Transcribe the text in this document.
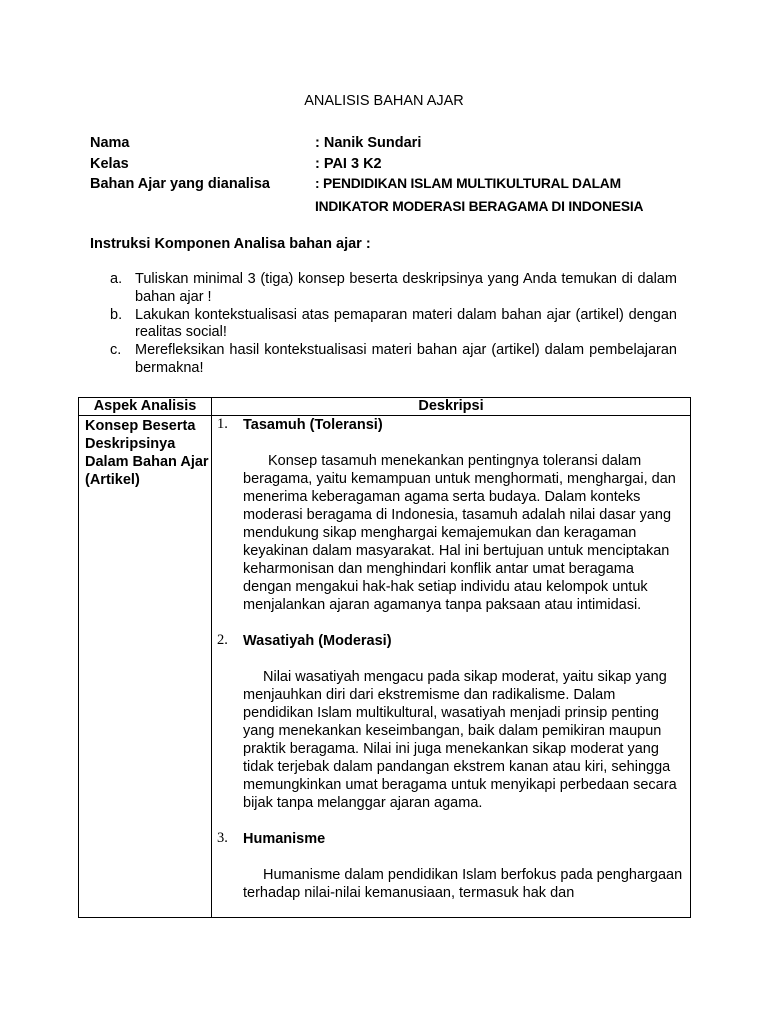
ANALISIS BAHAN AJAR
Nama	: Nanik Sundari
Kelas	: PAI 3 K2
Bahan Ajar yang dianalisa	: PENDIDIKAN ISLAM MULTIKULTURAL DALAM
INDIKATOR MODERASI BERAGAMA DI INDONESIA
Instruksi Komponen Analisa bahan ajar :
a. Tuliskan minimal 3 (tiga) konsep beserta deskripsinya yang Anda temukan di dalam bahan ajar !
b. Lakukan kontekstualisasi atas pemaparan materi dalam bahan ajar (artikel) dengan realitas social!
c. Merefleksikan hasil kontekstualisasi materi bahan ajar (artikel) dalam pembelajaran bermakna!
Aspek Analisis	Deskripsi
Konsep Beserta Deskripsinya Dalam Bahan Ajar (Artikel)
1. Tasamuh (Toleransi)
Konsep tasamuh menekankan pentingnya toleransi dalam beragama, yaitu kemampuan untuk menghormati, menghargai, dan menerima keberagaman agama serta budaya. Dalam konteks moderasi beragama di Indonesia, tasamuh adalah nilai dasar yang mendukung sikap menghargai kemajemukan dan keragaman keyakinan dalam masyarakat. Hal ini bertujuan untuk menciptakan keharmonisan dan menghindari konflik antar umat beragama dengan mengakui hak-hak setiap individu atau kelompok untuk menjalankan ajaran agamanya tanpa paksaan atau intimidasi.
2. Wasatiyah (Moderasi)
Nilai wasatiyah mengacu pada sikap moderat, yaitu sikap yang menjauhkan diri dari ekstremisme dan radikalisme. Dalam pendidikan Islam multikultural, wasatiyah menjadi prinsip penting yang menekankan keseimbangan, baik dalam pemikiran maupun praktik beragama. Nilai ini juga menekankan sikap moderat yang tidak terjebak dalam pandangan ekstrem kanan atau kiri, sehingga memungkinkan umat beragama untuk menyikapi perbedaan secara bijak tanpa melanggar ajaran agama.
3. Humanisme
Humanisme dalam pendidikan Islam berfokus pada penghargaan terhadap nilai-nilai kemanusiaan, termasuk hak dan
